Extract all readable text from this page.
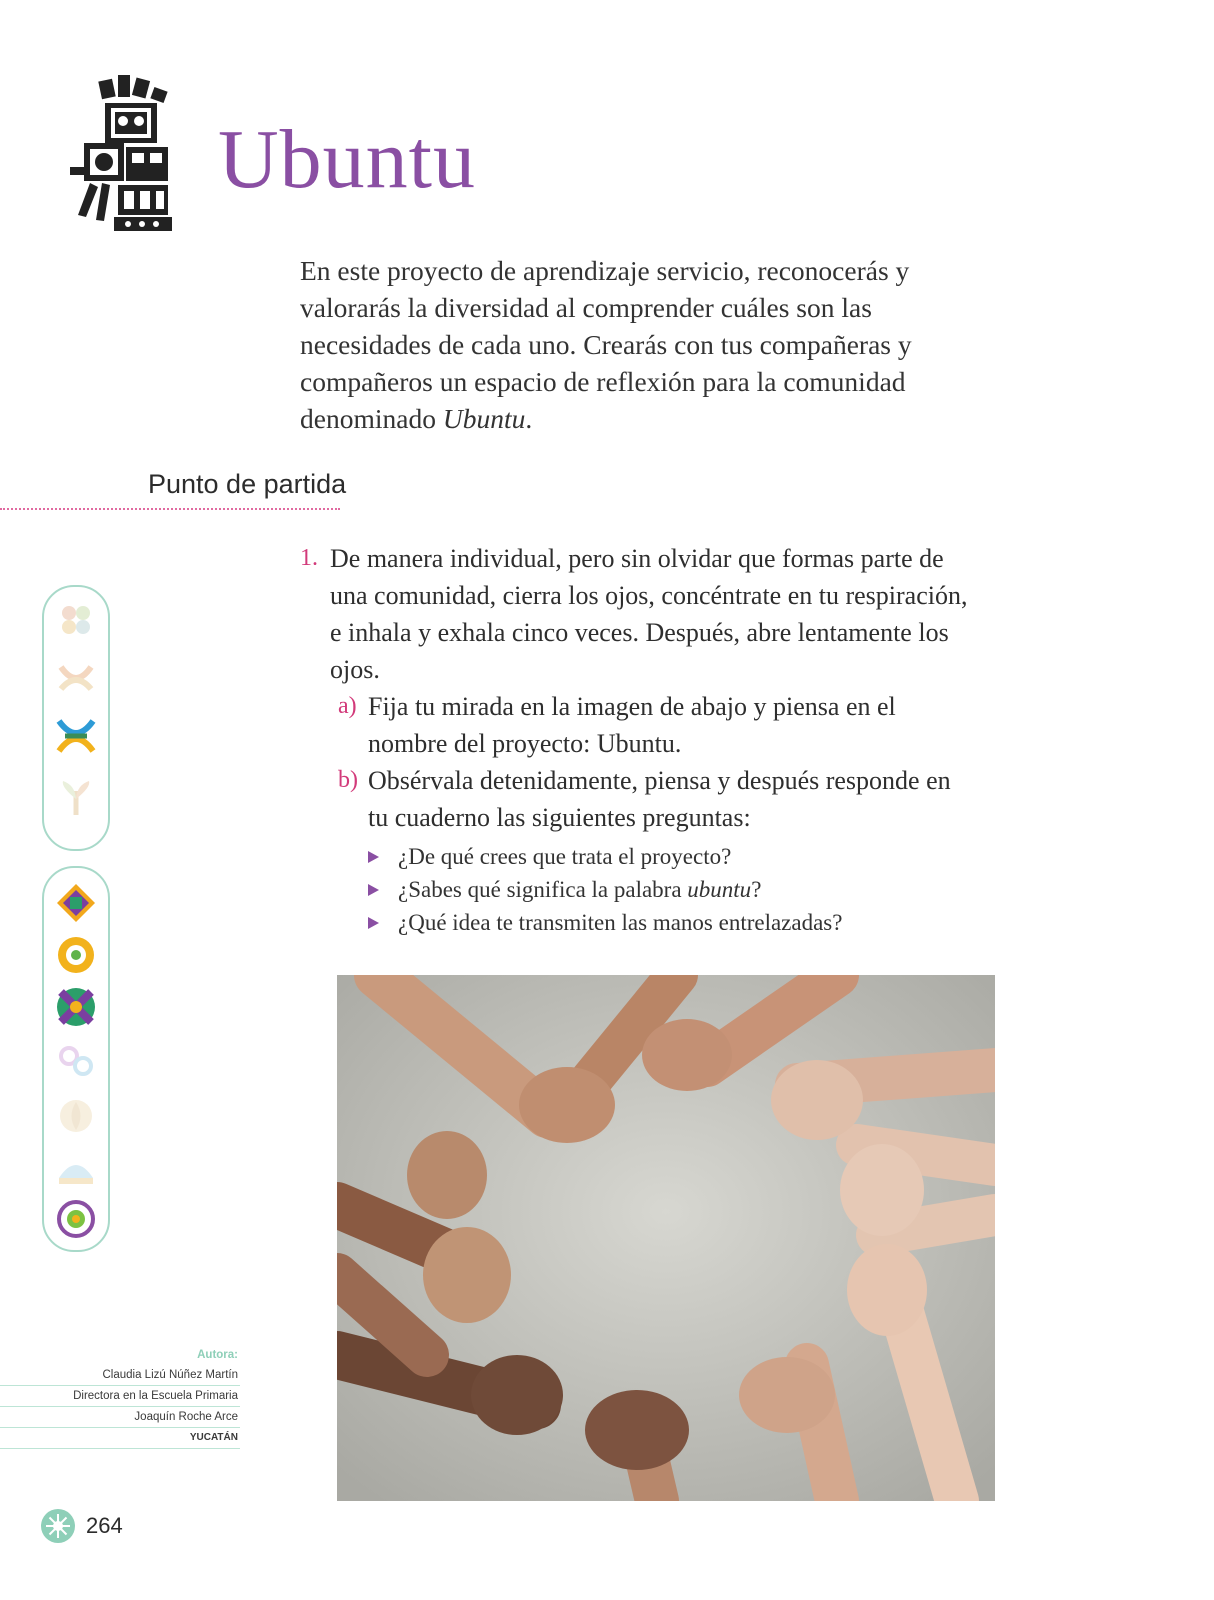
Ubuntu

En este proyecto de aprendizaje servicio, reconocerás y valorarás la diversidad al comprender cuáles son las necesidades de cada uno. Crearás con tus compañeras y compañeros un espacio de reflexión para la comunidad denominado Ubuntu.

Punto de partida
1. De manera individual, pero sin olvidar que formas parte de una comunidad, cierra los ojos, concéntrate en tu respiración, e inhala y exhala cinco veces. Después, abre lentamente los ojos.

a) Fija tu mirada en la imagen de abajo y piensa en el nombre del proyecto: Ubuntu.

b) Obsérvala detenidamente, piensa y después responde en tu cuaderno las siguientes preguntas:

¿De qué crees que trata el proyecto?
¿Sabes qué significa la palabra ubuntu?
¿Qué idea te transmiten las manos entrelazadas?
Autora:
Claudia Lizú Núñez Martín
Directora en la Escuela Primaria
Joaquín Roche Arce
YUCATÁN
264
